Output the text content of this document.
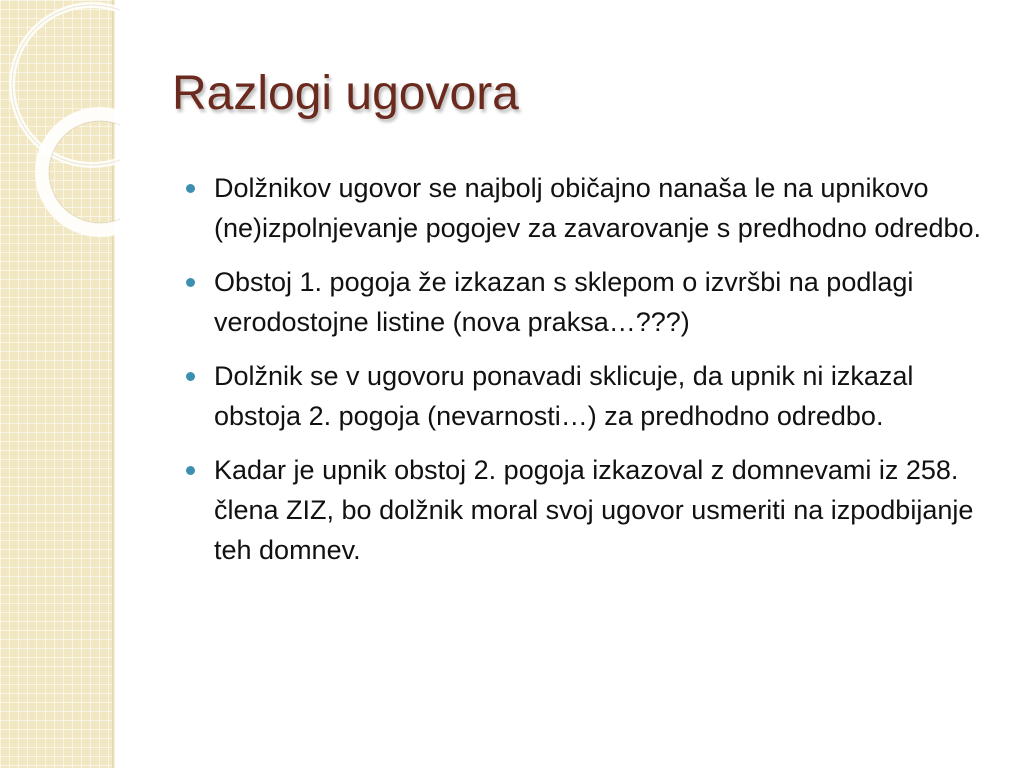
Razlogi ugovora
Dolžnikov ugovor se najbolj običajno nanaša le na upnikovo (ne)izpolnjevanje pogojev za zavarovanje s predhodno odredbo.
Obstoj 1. pogoja že izkazan s sklepom o izvršbi na podlagi verodostojne listine (nova praksa…???)
Dolžnik se v ugovoru ponavadi sklicuje, da upnik ni izkazal obstoja 2. pogoja (nevarnosti…) za predhodno odredbo.
Kadar je upnik obstoj 2. pogoja izkazoval z domnevami iz 258. člena ZIZ, bo dolžnik moral svoj ugovor usmeriti na izpodbijanje teh domnev.
